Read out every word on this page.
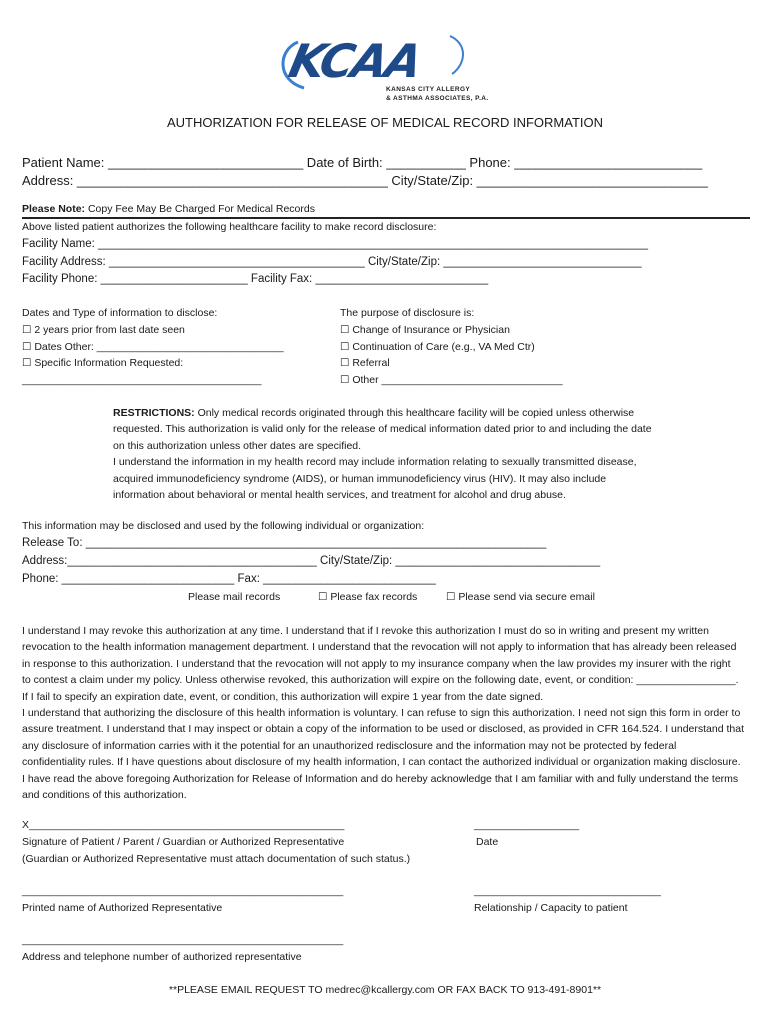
KCAA
KANSAS CITY ALLERGY
& ASTHMA ASSOCIATES, P.A.
AUTHORIZATION FOR RELEASE OF MEDICAL RECORD INFORMATION
Patient Name: ___________________________ Date of Birth: ___________ Phone: __________________________
Address: ___________________________________________ City/State/Zip: ________________________________
Please Note: Copy Fee May Be Charged For Medical Records
Above listed patient authorizes the following healthcare facility to make record disclosure:
Facility Name: ______________________________________________________________________________________
Facility Address: ________________________________________ City/State/Zip: _______________________________
Facility Phone: _______________________ Facility Fax: ___________________________
Dates and Type of information to disclose:
☐ 2 years prior from last date seen
☐ Dates Other: ________________________________
☐ Specific Information Requested:
_________________________________________
The purpose of disclosure is:
☐ Change of Insurance or Physician
☐ Continuation of Care (e.g., VA Med Ctr)
☐ Referral
☐ Other _______________________________
RESTRICTIONS: Only medical records originated through this healthcare facility will be copied unless otherwise
requested. This authorization is valid only for the release of medical information dated prior to and including the date
on this authorization unless other dates are specified.
I understand the information in my health record may include information relating to sexually transmitted disease,
acquired immunodeficiency syndrome (AIDS), or human immunodeficiency virus (HIV). It may also include
information about behavioral or mental health services, and treatment for alcohol and drug abuse.
This information may be disclosed and used by the following individual or organization:
Release To: ________________________________________________________________________
Address:_______________________________________ City/State/Zip: ________________________________
Phone: ___________________________ Fax: ___________________________
Please mail records	☐ Please fax records	☐ Please send via secure email
I understand I may revoke this authorization at any time. I understand that if I revoke this authorization I must do so in writing and present my written
revocation to the health information management department. I understand that the revocation will not apply to information that has already been released
in response to this authorization. I understand that the revocation will not apply to my insurance company when the law provides my insurer with the right
to contest a claim under my policy. Unless otherwise revoked, this authorization will expire on the following date, event, or condition: _________________.
If I fail to specify an expiration date, event, or condition, this authorization will expire 1 year from the date signed.
I understand that authorizing the disclosure of this health information is voluntary. I can refuse to sign this authorization. I need not sign this form in order to
assure treatment. I understand that I may inspect or obtain a copy of the information to be used or disclosed, as provided in CFR 164.524. I understand that
any disclosure of information carries with it the potential for an unauthorized redisclosure and the information may not be protected by federal
confidentiality rules. If I have questions about disclosure of my health information, I can contact the authorized individual or organization making disclosure.
I have read the above foregoing Authorization for Release of Information and do hereby acknowledge that I am familiar with and fully understand the terms
and conditions of this authorization.
X______________________________________________________
Signature of Patient / Parent / Guardian or Authorized Representative
(Guardian or Authorized Representative must attach documentation of such status.)
__________________
Date
_______________________________________________________
Printed name of Authorized Representative
________________________________
Relationship / Capacity to patient
_______________________________________________________
Address and telephone number of authorized representative
**PLEASE EMAIL REQUEST TO medrec@kcallergy.com OR FAX BACK TO 913-491-8901**
